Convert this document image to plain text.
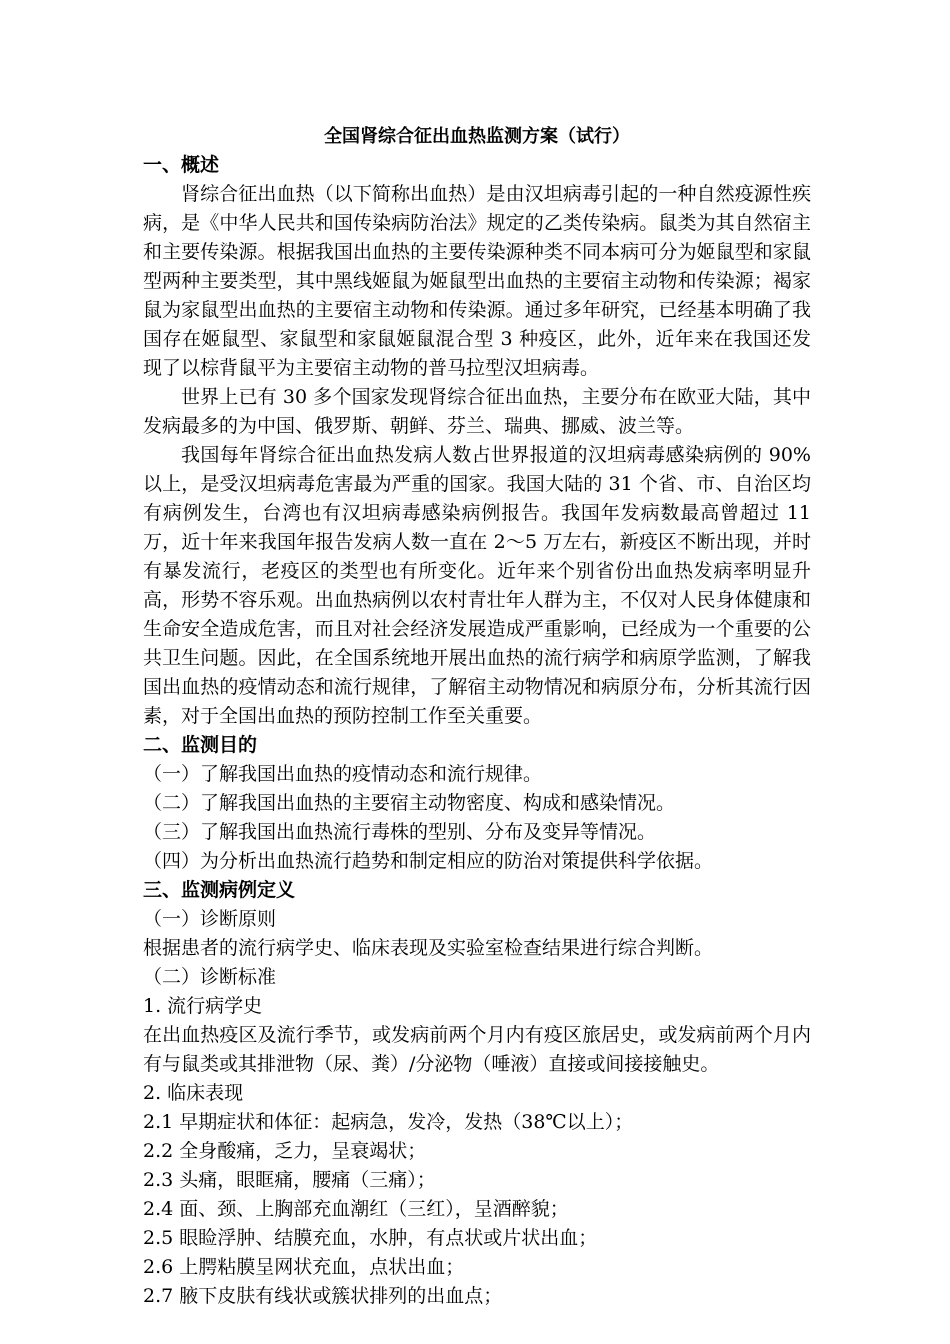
全国肾综合征出血热监测方案（试行）
一、概述
肾综合征出血热（以下简称出血热）是由汉坦病毒引起的一种自然疫源性疾病，是《中华人民共和国传染病防治法》规定的乙类传染病。鼠类为其自然宿主和主要传染源。根据我国出血热的主要传染源种类不同本病可分为姬鼠型和家鼠型两种主要类型，其中黑线姬鼠为姬鼠型出血热的主要宿主动物和传染源；褐家鼠为家鼠型出血热的主要宿主动物和传染源。通过多年研究，已经基本明确了我国存在姬鼠型、家鼠型和家鼠姬鼠混合型 3 种疫区，此外，近年来在我国还发现了以棕背鼠平为主要宿主动物的普马拉型汉坦病毒。
世界上已有 30 多个国家发现肾综合征出血热，主要分布在欧亚大陆，其中发病最多的为中国、俄罗斯、朝鲜、芬兰、瑞典、挪威、波兰等。
我国每年肾综合征出血热发病人数占世界报道的汉坦病毒感染病例的 90%以上，是受汉坦病毒危害最为严重的国家。我国大陆的 31 个省、市、自治区均有病例发生，台湾也有汉坦病毒感染病例报告。我国年发病数最高曾超过 11 万，近十年来我国年报告发病人数一直在 2～5 万左右，新疫区不断出现，并时有暴发流行，老疫区的类型也有所变化。近年来个别省份出血热发病率明显升高，形势不容乐观。出血热病例以农村青壮年人群为主，不仅对人民身体健康和生命安全造成危害，而且对社会经济发展造成严重影响，已经成为一个重要的公共卫生问题。因此，在全国系统地开展出血热的流行病学和病原学监测，了解我国出血热的疫情动态和流行规律，了解宿主动物情况和病原分布，分析其流行因素，对于全国出血热的预防控制工作至关重要。
二、监测目的
（一）了解我国出血热的疫情动态和流行规律。
（二）了解我国出血热的主要宿主动物密度、构成和感染情况。
（三）了解我国出血热流行毒株的型别、分布及变异等情况。
（四）为分析出血热流行趋势和制定相应的防治对策提供科学依据。
三、监测病例定义
（一）诊断原则
根据患者的流行病学史、临床表现及实验室检查结果进行综合判断。
（二）诊断标准
1. 流行病学史
在出血热疫区及流行季节，或发病前两个月内有疫区旅居史，或发病前两个月内有与鼠类或其排泄物（尿、粪）/分泌物（唾液）直接或间接接触史。
2. 临床表现
2.1 早期症状和体征：起病急，发冷，发热（38℃以上）；
2.2 全身酸痛，乏力，呈衰竭状；
2.3 头痛，眼眶痛，腰痛（三痛）；
2.4 面、颈、上胸部充血潮红（三红），呈酒醉貌；
2.5 眼睑浮肿、结膜充血，水肿，有点状或片状出血；
2.6 上腭粘膜呈网状充血，点状出血；
2.7 腋下皮肤有线状或簇状排列的出血点；
